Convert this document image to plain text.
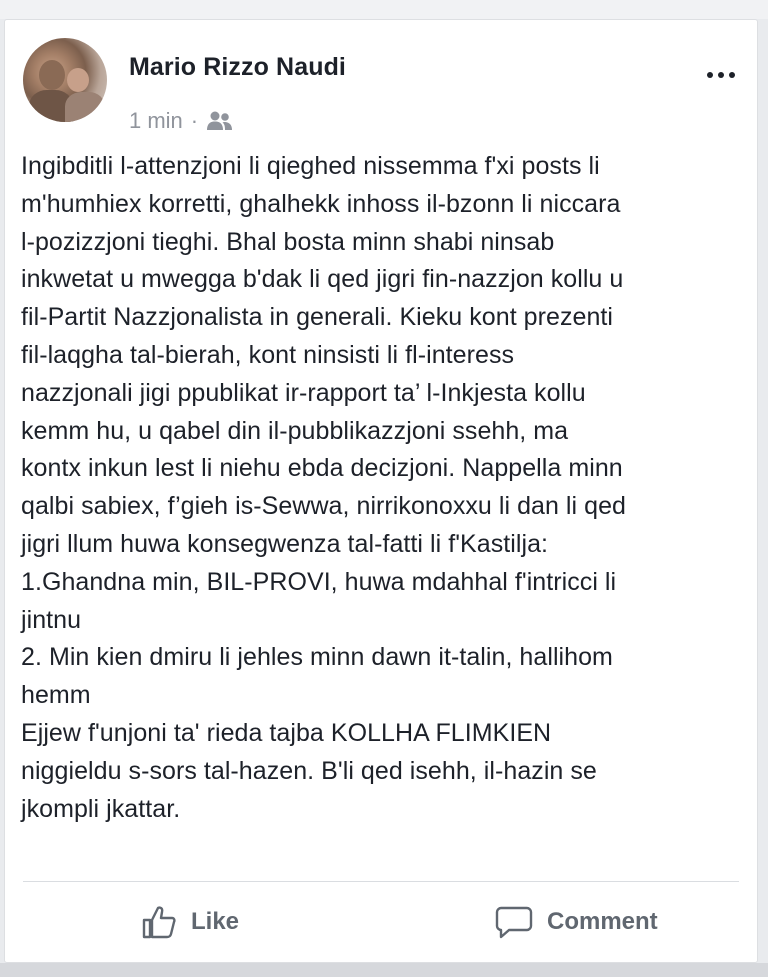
Mario Rizzo Naudi
1 min ·
Ingibditli l-attenzjoni li qieghed nissemma f'xi posts li
m'humhiex korretti, ghalhekk inhoss il-bzonn li niccara
l-pozizzjoni tieghi. Bhal bosta minn shabi ninsab
inkwetat u mwegga b'dak li qed jigri fin-nazzjon kollu u
fil-Partit Nazzjonalista in generali. Kieku kont prezenti
fil-laqgha tal-bierah, kont ninsisti li fl-interess
nazzjonali jigi ppublikat ir-rapport ta’ l-Inkjesta kollu
kemm hu, u qabel din il-pubblikazzjoni ssehh, ma
kontx inkun lest li niehu ebda decizjoni. Nappella minn
qalbi sabiex, f’gieh is-Sewwa, nirrikonoxxu li dan li qed
jigri llum huwa konsegwenza tal-fatti li f'Kastilja:
1.Ghandna min, BIL-PROVI, huwa mdahhal f'intricci li
jintnu
2. Min kien dmiru li jehles minn dawn it-talin, hallihom
hemm
Ejjew f'unjoni ta' rieda tajba KOLLHA FLIMKIEN
niggieldu s-sors tal-hazen. B'li qed isehh, il-hazin se
jkompli jkattar.
Like	Comment
